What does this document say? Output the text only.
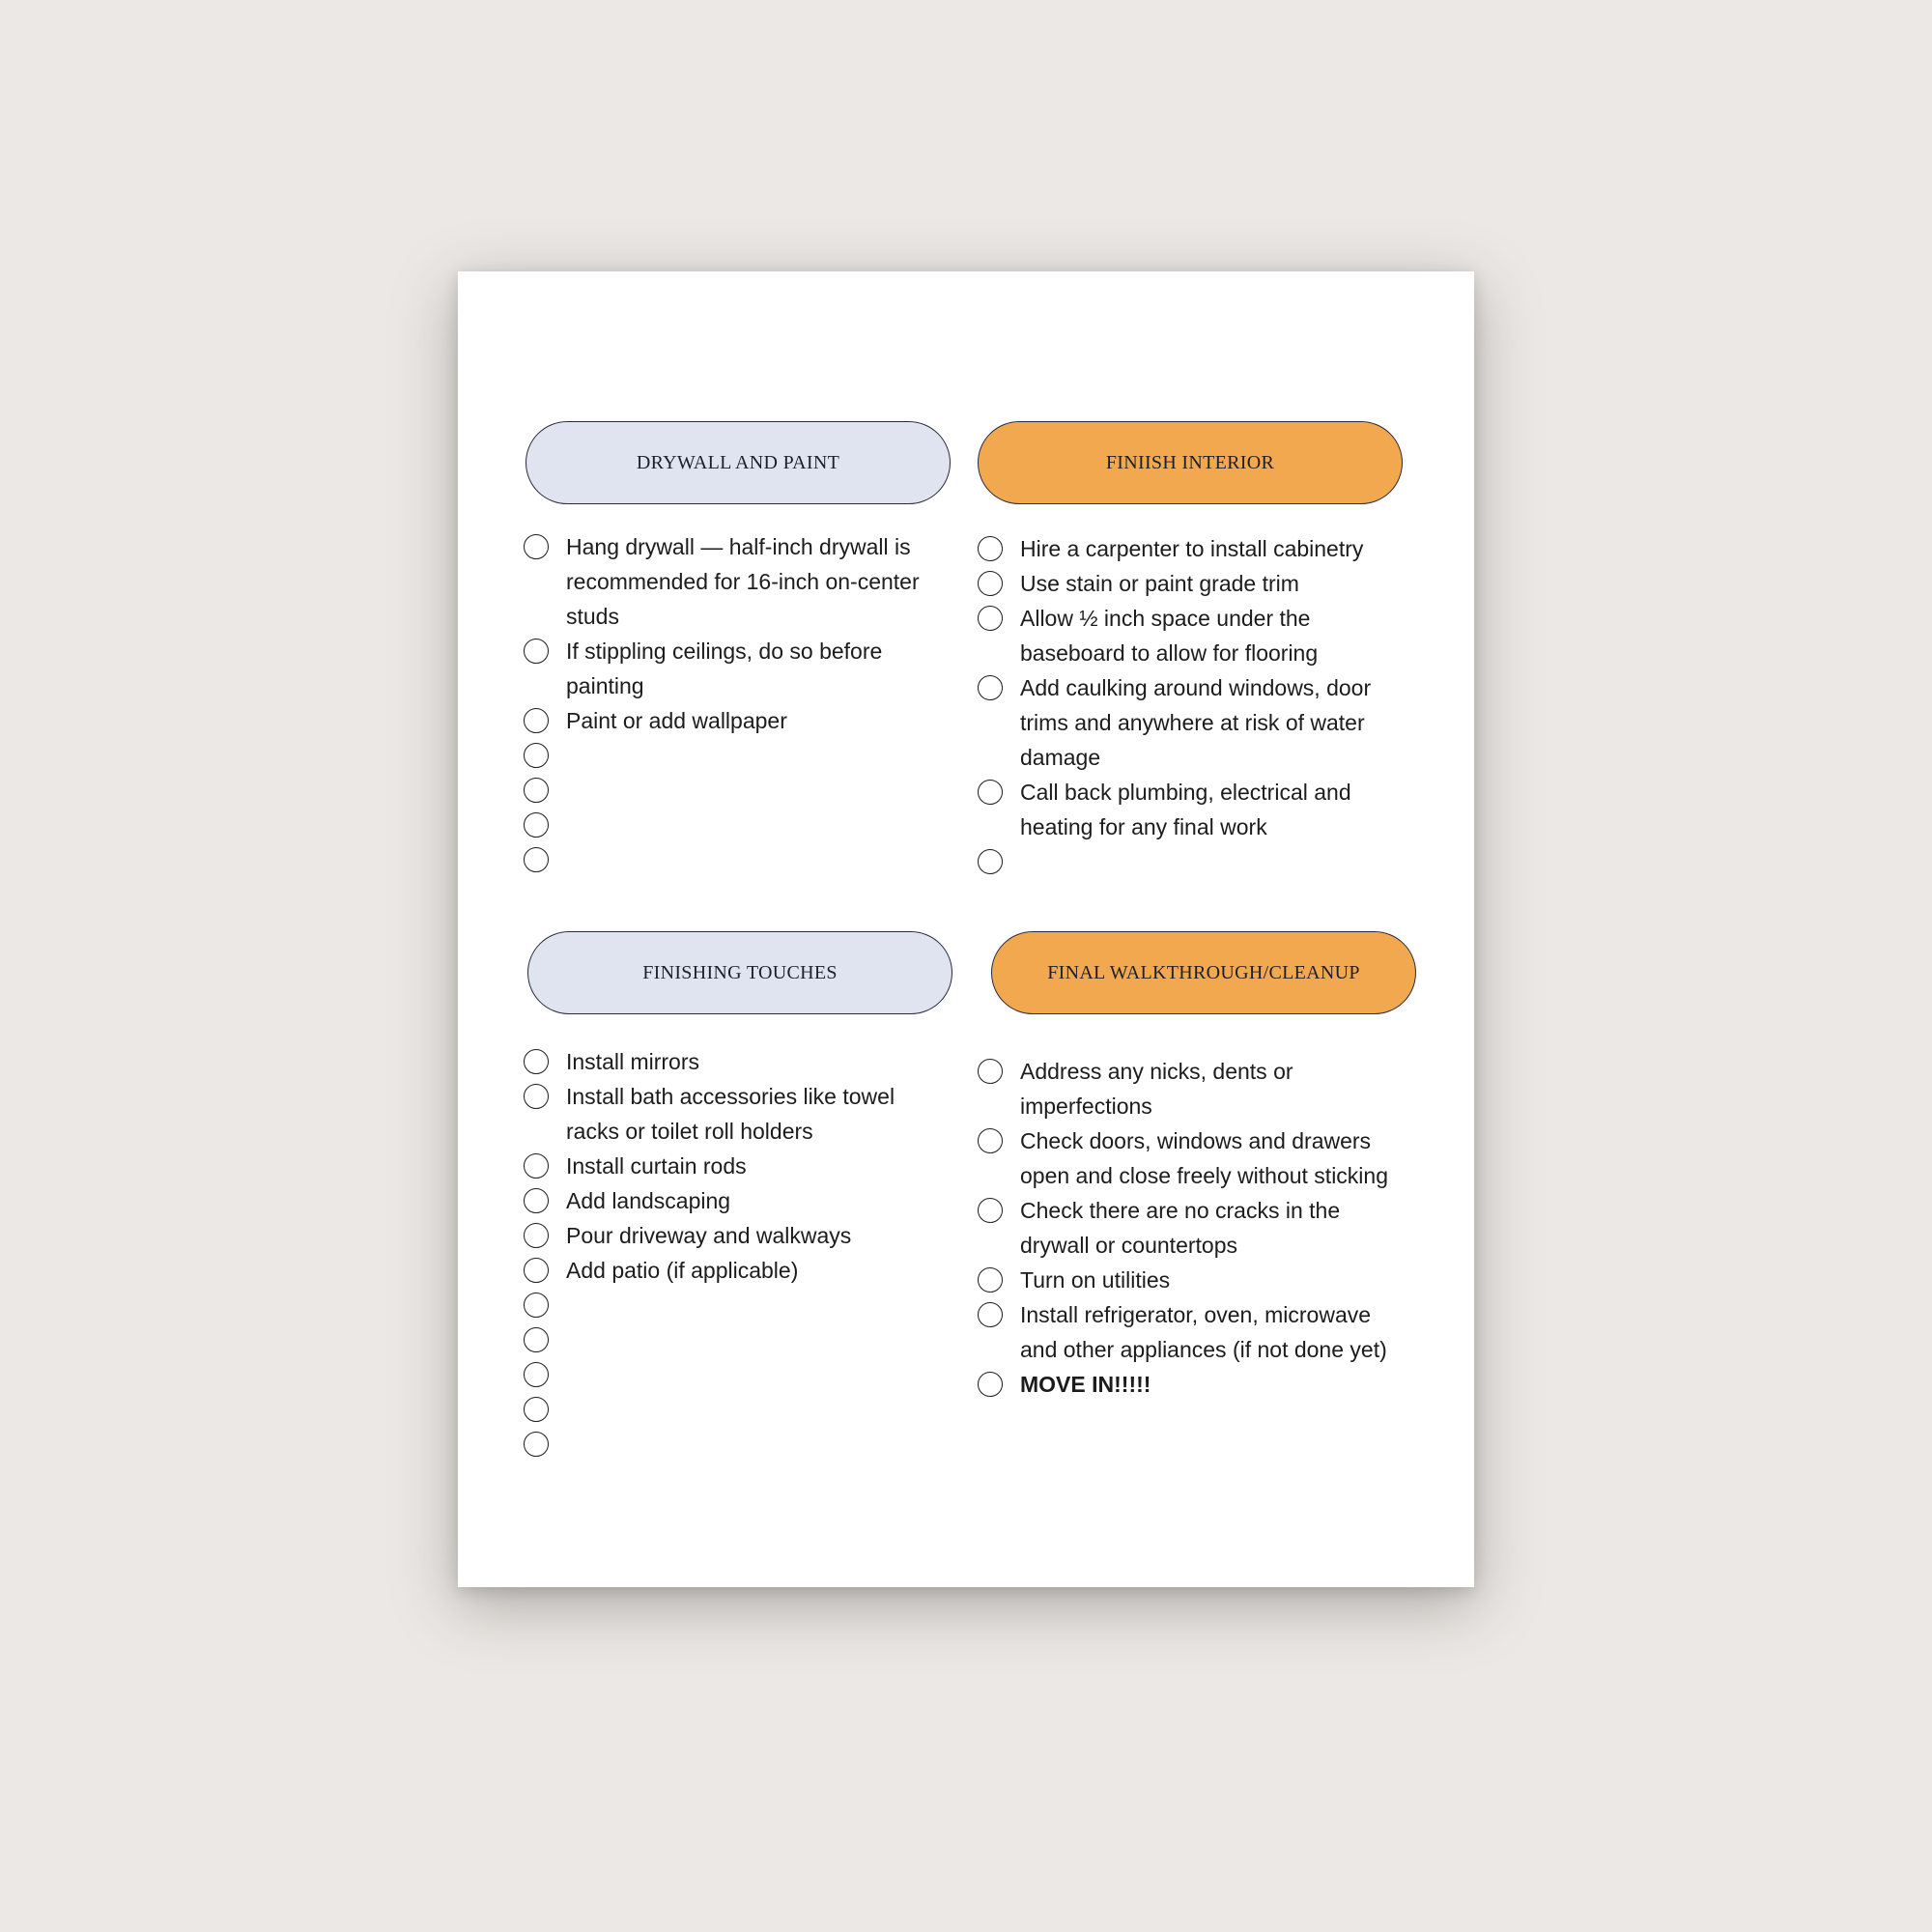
DRYWALL AND PAINT
Hang drywall — half-inch drywall is recommended for 16-inch on-center studs
If stippling ceilings, do so before painting
Paint or add wallpaper
FINIISH INTERIOR
Hire a carpenter to install cabinetry
Use stain or paint grade trim
Allow ½ inch space under the baseboard to allow for flooring
Add caulking around windows, door trims and anywhere at risk of water damage
Call back plumbing, electrical and heating for any final work
FINISHING TOUCHES
Install mirrors
Install bath accessories like towel racks or toilet roll holders
Install curtain rods
Add landscaping
Pour driveway and walkways
Add patio (if applicable)
FINAL WALKTHROUGH/CLEANUP
Address any nicks, dents or imperfections
Check doors, windows and drawers open and close freely without sticking
Check there are no cracks in the drywall or countertops
Turn on utilities
Install refrigerator, oven, microwave and other appliances (if not done yet)
MOVE IN!!!!!
